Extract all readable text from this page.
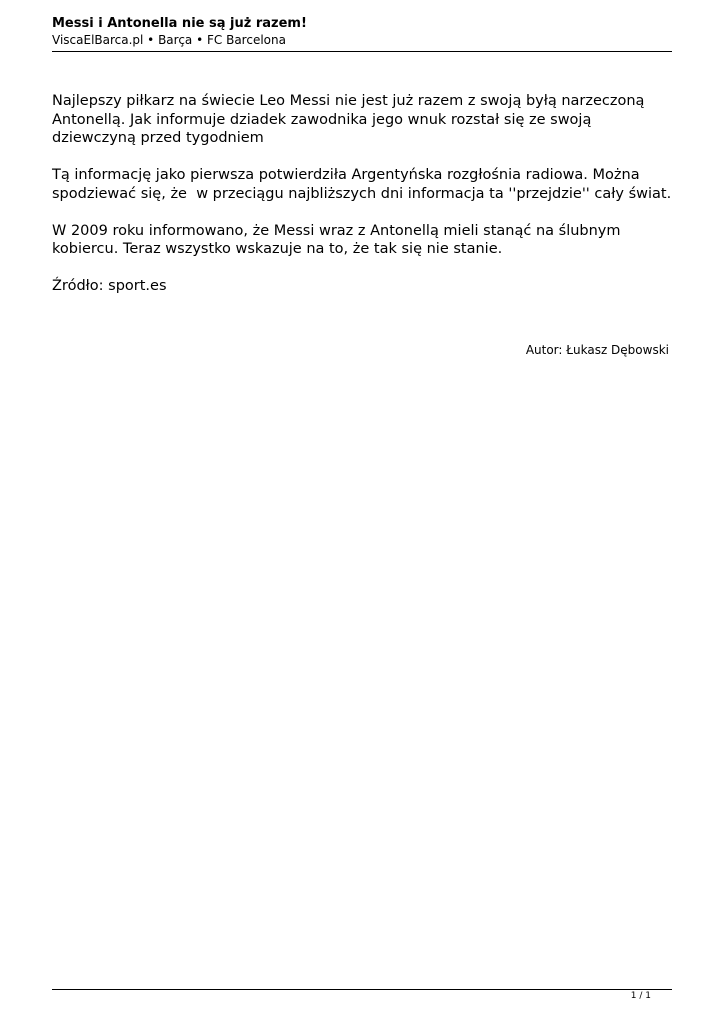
Messi i Antonella nie są już razem!

ViscaElBarca.pl • Barça • FC Barcelona

Najlepszy piłkarz na świecie Leo Messi nie jest już razem z swoją byłą narzeczoną Antonellą. Jak informuje dziadek zawodnika jego wnuk rozstał się ze swoją dziewczyną przed tygodniem

Tą informację jako pierwsza potwierdziła Argentyńska rozgłośnia radiowa. Można spodziewać się, że  w przeciągu najbliższych dni informacja ta ''przejdzie'' cały świat.

W 2009 roku informowano, że Messi wraz z Antonellą mieli stanąć na ślubnym kobiercu. Teraz wszystko wskazuje na to, że tak się nie stanie.

Źródło: sport.es

Autor: Łukasz Dębowski
1 / 1
